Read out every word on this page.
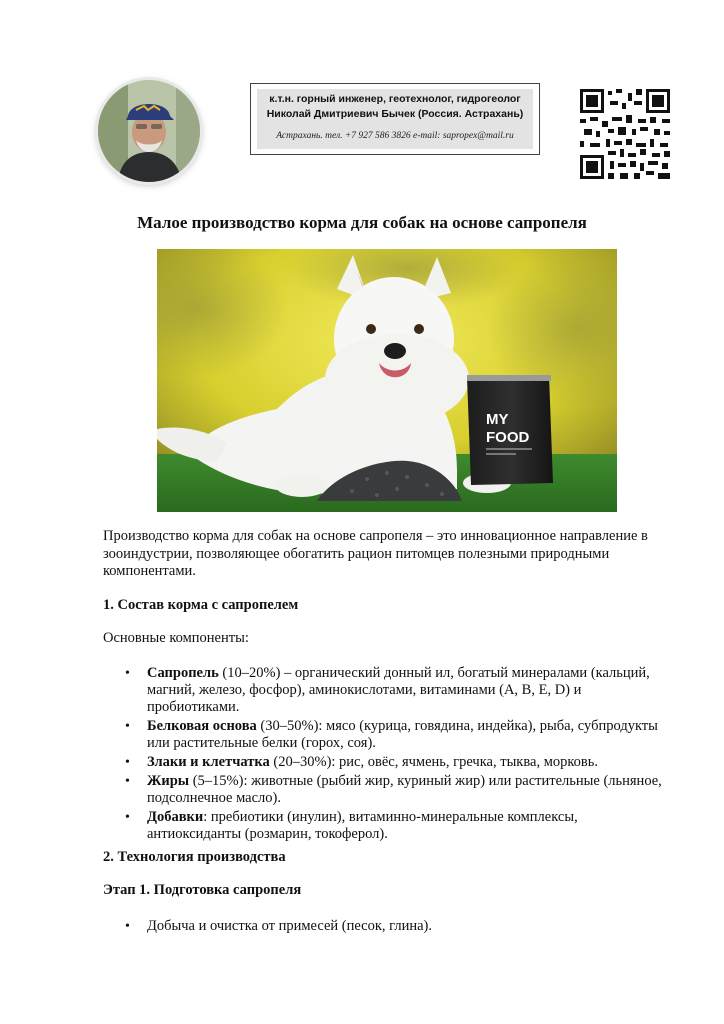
к.т.н. горный инженер, геотехнолог, гидрогеолог
Николай Дмитриевич Бычек (Россия. Астрахань)
Астрахань. тел. +7 927 586 3826 e-mail: sapropex@mail.ru
Малое производство корма для собак на основе сапропеля
MY
FOOD
Производство корма для собак на основе сапропеля – это инновационное направление в зооиндустрии, позволяющее обогатить рацион питомцев полезными природными компонентами.
1. Состав корма с сапропелем
Основные компоненты:
• Сапропель (10–20%) – органический донный ил, богатый минералами (кальций, магний, железо, фосфор), аминокислотами, витаминами (A, B, E, D) и пробиотиками.
• Белковая основа (30–50%): мясо (курица, говядина, индейка), рыба, субпродукты или растительные белки (горох, соя).
• Злаки и клетчатка (20–30%): рис, овёс, ячмень, гречка, тыква, морковь.
• Жиры (5–15%): животные (рыбий жир, куриный жир) или растительные (льняное, подсолнечное масло).
• Добавки: пребиотики (инулин), витаминно-минеральные комплексы, антиоксиданты (розмарин, токоферол).
2. Технология производства
Этап 1. Подготовка сапропеля
• Добыча и очистка от примесей (песок, глина).
